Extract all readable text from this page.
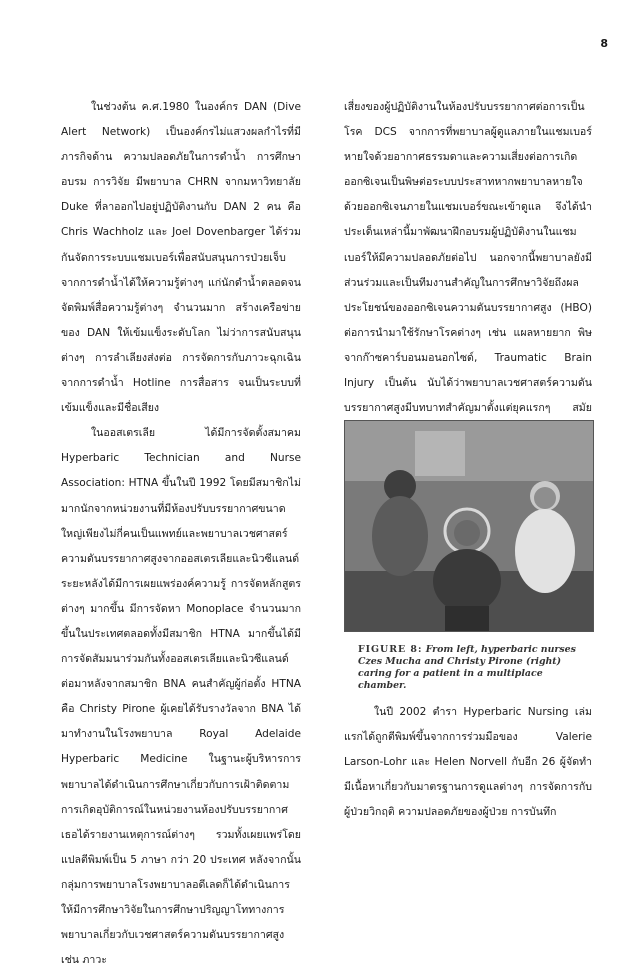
8

ในช่วงต้น ค.ศ.1980 ในองค์กร DAN (Dive Alert Network) เป็นองค์กรไม่แสวงผลกำไรที่มีภารกิจด้าน ความปลอดภัยในการดำน้ำ การศึกษาอบรม การวิจัย มีพยาบาล CHRN จากมหาวิทยาลัย Duke ที่ลาออกไปอยู่ปฏิบัติงานกับ DAN 2 คน คือ Chris Wachholz และ Joel Dovenbarger ได้ร่วมกันจัดการระบบแชมเบอร์เพื่อสนับสนุนการป่วยเจ็บจากการดำน้ำได้ให้ความรู้ต่างๆ แก่นักดำน้ำตลอดจนจัดพิมพ์สื่อความรู้ต่างๆ จำนวนมาก สร้างเครือข่ายของ DAN ให้เข้มแข็งระดับโลก ไม่ว่าการสนับสนุนต่างๆ การลำเลียงส่งต่อ การจัดการกับภาวะฉุกเฉินจากการดำน้ำ Hotline การสื่อสาร จนเป็นระบบที่เข้มแข็งและมีชื่อเสียง

ในออสเตรเลีย ได้มีการจัดตั้งสมาคม Hyperbaric Technician and Nurse Association: HTNA ขึ้นในปี 1992 โดยมีสมาชิกไม่มากนักจากหน่วยงานที่มีห้องปรับบรรยากาศขนาดใหญ่เพียงไม่กี่คนเป็นแพทย์และพยาบาลเวชศาสตร์ความดันบรรยากาศสูงจากออสเตรเลียและนิวซีแลนด์ ระยะหลังได้มีการเผยแพร่องค์ความรู้ การจัดหลักสูตรต่างๆ มากขึ้น มีการจัดหา Monoplace จำนวนมากขึ้นในประเทศตลอดทั้งมีสมาชิก HTNA มากขึ้นได้มีการจัดสัมมนาร่วมกันทั้งออสเตรเลียและนิวซีแลนด์ ต่อมาหลังจากสมาชิก BNA คนสำคัญผู้ก่อตั้ง HTNA คือ Christy Pirone ผู้เคยได้รับรางวัลจาก BNA ได้มาทำงานในโรงพยาบาล Royal Adelaide Hyperbaric Medicine ในฐานะผู้บริหารการพยาบาลได้ดำเนินการศึกษาเกี่ยวกับการเฝ้าติดตาม การเกิดอุบัติการณ์ในหน่วยงานห้องปรับบรรยากาศ เธอได้รายงานเหตุการณ์ต่างๆ รวมทั้งเผยแพร่โดยแปลตีพิมพ์เป็น 5 ภาษา กว่า 20 ประเทศ หลังจากนั้นกลุ่มการพยาบาลโรงพยาบาลอดีเลดก็ได้ดำเนินการให้มีการศึกษาวิจัยในการศึกษาปริญญาโททางการพยาบาลเกี่ยวกับเวชศาสตร์ความดันบรรยากาศสูง เช่น ภาวะ

เสี่ยงของผู้ปฏิบัติงานในห้องปรับบรรยากาศต่อการเป็นโรค DCS จากการที่พยาบาลผู้ดูแลภายในแชมเบอร์หายใจด้วยอากาศธรรมดาและความเสี่ยงต่อการเกิดออกซิเจนเป็นพิษต่อระบบประสาทหากพยาบาลหายใจด้วยออกซิเจนภายในแชมเบอร์ขณะเข้าดูแล จึงได้นำประเด็นเหล่านี้มาพัฒนาฝึกอบรมผู้ปฏิบัติงานในแชมเบอร์ให้มีความปลอดภัยต่อไป นอกจากนี้พยาบาลยังมีส่วนร่วมและเป็นทีมงานสำคัญในการศึกษาวิจัยถึงผลประโยชน์ของออกซิเจนความดันบรรยากาศสูง (HBO) ต่อการนำมาใช้รักษาโรคต่างๆ เช่น แผลหายยาก พิษจากก๊าซคาร์บอนมอนอกไซด์, Traumatic Brain Injury เป็นต้น นับได้ว่าพยาบาลเวชศาสตร์ความดันบรรยากาศสูงมีบทบาทสำคัญมาตั้งแต่ยุคแรกๆ สมัย

FIGURE 8: From left, hyperbaric nurses Czes Mucha and Christy Pirone (right) caring for a patient in a multiplace chamber.

ในปี 2002 ตำรา Hyperbaric Nursing เล่มแรกได้ถูกตีพิมพ์ขึ้นจากการร่วมมือของ Valerie Larson-Lohr และ Helen Norvell กับอีก 26 ผู้จัดทำมีเนื้อหาเกี่ยวกับมาตรฐานการดูแลต่างๆ การจัดการกับผู้ป่วยวิกฤติ ความปลอดภัยของผู้ป่วย การบันทึก
